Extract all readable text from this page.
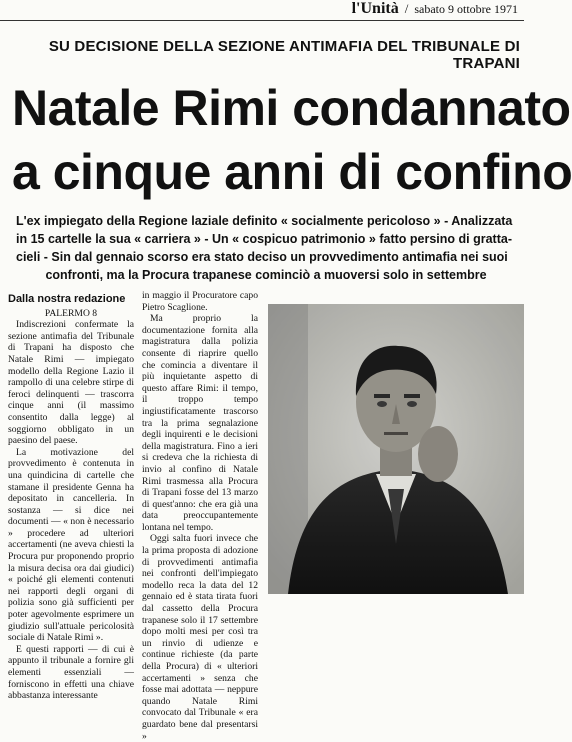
l'Unità / sabato 9 ottobre 1971
SU DECISIONE DELLA SEZIONE ANTIMAFIA DEL TRIBUNALE DI TRAPANI
Natale Rimi condannato
a cinque anni di confino

L'ex impiegato della Regione laziale definito « socialmente pericoloso » - Analizzata

in 15 cartelle la sua « carriera » - Un « cospicuo patrimonio » fatto persino di gratta-

cieli - Sin dal gennaio scorso era stato deciso un provvedimento antimafia nei suoi

confronti, ma la Procura trapanese cominciò a muoversi solo in settembre

Dalla nostra redazione
PALERMO 8

Indiscrezioni confermate la sezione antimafia del Tribunale di Trapani ha disposto che Natale Rimi — impiegato modello della Regione Lazio il rampollo di una celebre stirpe di feroci delinquenti — trascorra cinque anni (il massimo consentito dalla legge) al soggiorno obbligato in un paesino del paese.

La motivazione del provvedimento è contenuta in una quindicina di cartelle che stamane il presidente Genna ha depositato in cancelleria. In sostanza — si dice nei documenti — « non è necessario » procedere ad ulteriori accertamenti (ne aveva chiesti la Procura pur proponendo proprio la misura decisa ora dai giudici) « poiché gli elementi contenuti nei rapporti degli organi di polizia sono già sufficienti per poter agevolmente esprimere un giudizio sull'attuale pericolosità sociale di Natale Rimi ».

E questi rapporti — di cui è appunto il tribunale a fornire gli elementi essenziali — forniscono in effetti una chiave abbastanza interessante

in maggio il Procuratore capo Pietro Scaglione.

Ma proprio la documentazione fornita alla magistratura dalla polizia consente di riaprire quello che comincia a diventare il più inquietante aspetto di questo affare Rimi: il tempo, il troppo tempo ingiustificatamente trascorso tra la prima segnalazione degli inquirenti e le decisioni della magistratura. Fino a ieri si credeva che la richiesta di invio al confino di Natale Rimi trasmessa alla Procura di Trapani fosse del 13 marzo di quest'anno: che era già una data preoccupantemente lontana nel tempo.

Oggi salta fuori invece che la prima proposta di adozione di provvedimenti antimafia nei confronti dell'impiegato modello reca la data del 12 gennaio ed è stata tirata fuori dal cassetto della Procura trapanese solo il 17 settembre dopo molti mesi per così tra un rinvio di udienze e continue richieste (da parte della Procura) di « ulteriori accertamenti » senza che fosse mai adottata — neppure quando Natale Rimi convocato dal Tribunale « era guardato bene dal presentarsi »
